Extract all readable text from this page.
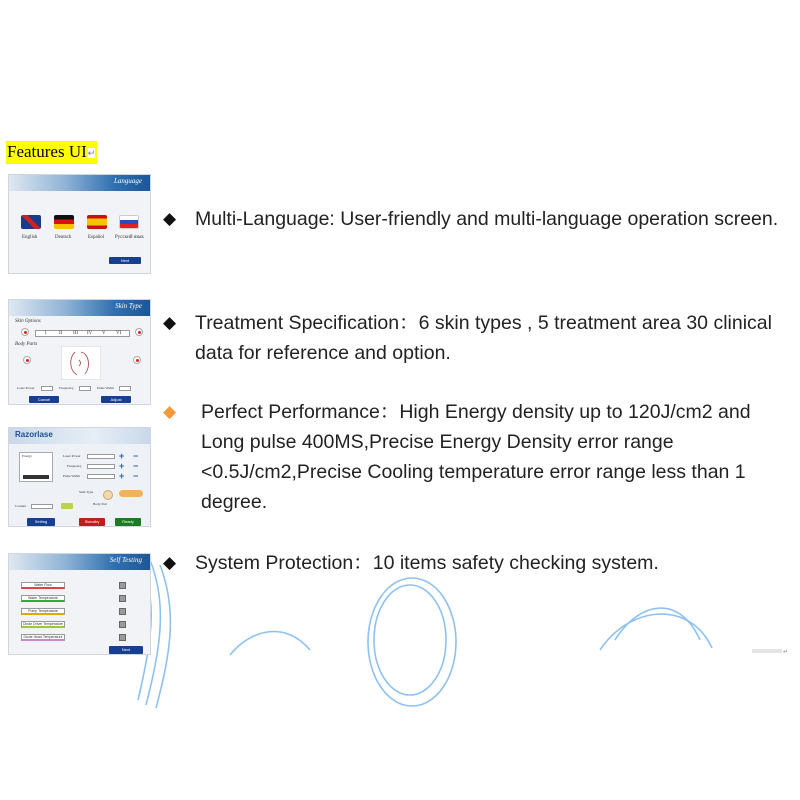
Features UI↵
Language
English	Deutsch	Español Русский язык
Next
Skin Type
Skin Options
I II III IV V VI
Body Parts
Laser Power	Frequency	Pulse Width
Cancel	Adjust
Razorlase
Energy	Laser Power
Frequency
Pulse Width
+ −
+ −
+ −
Counter
Skin Type
Body Part
Setting	Standby	Ready
Self Testing
Water Flow
Water Temperature
Pump Temperature
Diode Driver Temperature
Diode Head Temperature
Next
◆ Multi-Language: User-friendly and multi-language operation screen.
◆ Treatment Specification：6 skin types , 5 treatment area 30 clinical data for reference and option.
◆	Perfect Performance：High Energy density up to 120J/cm2 and Long pulse 400MS,Precise Energy Density error range <0.5J/cm2,Precise Cooling temperature error range less than 1 degree.
◆ System Protection：10 items safety checking system.
↵
